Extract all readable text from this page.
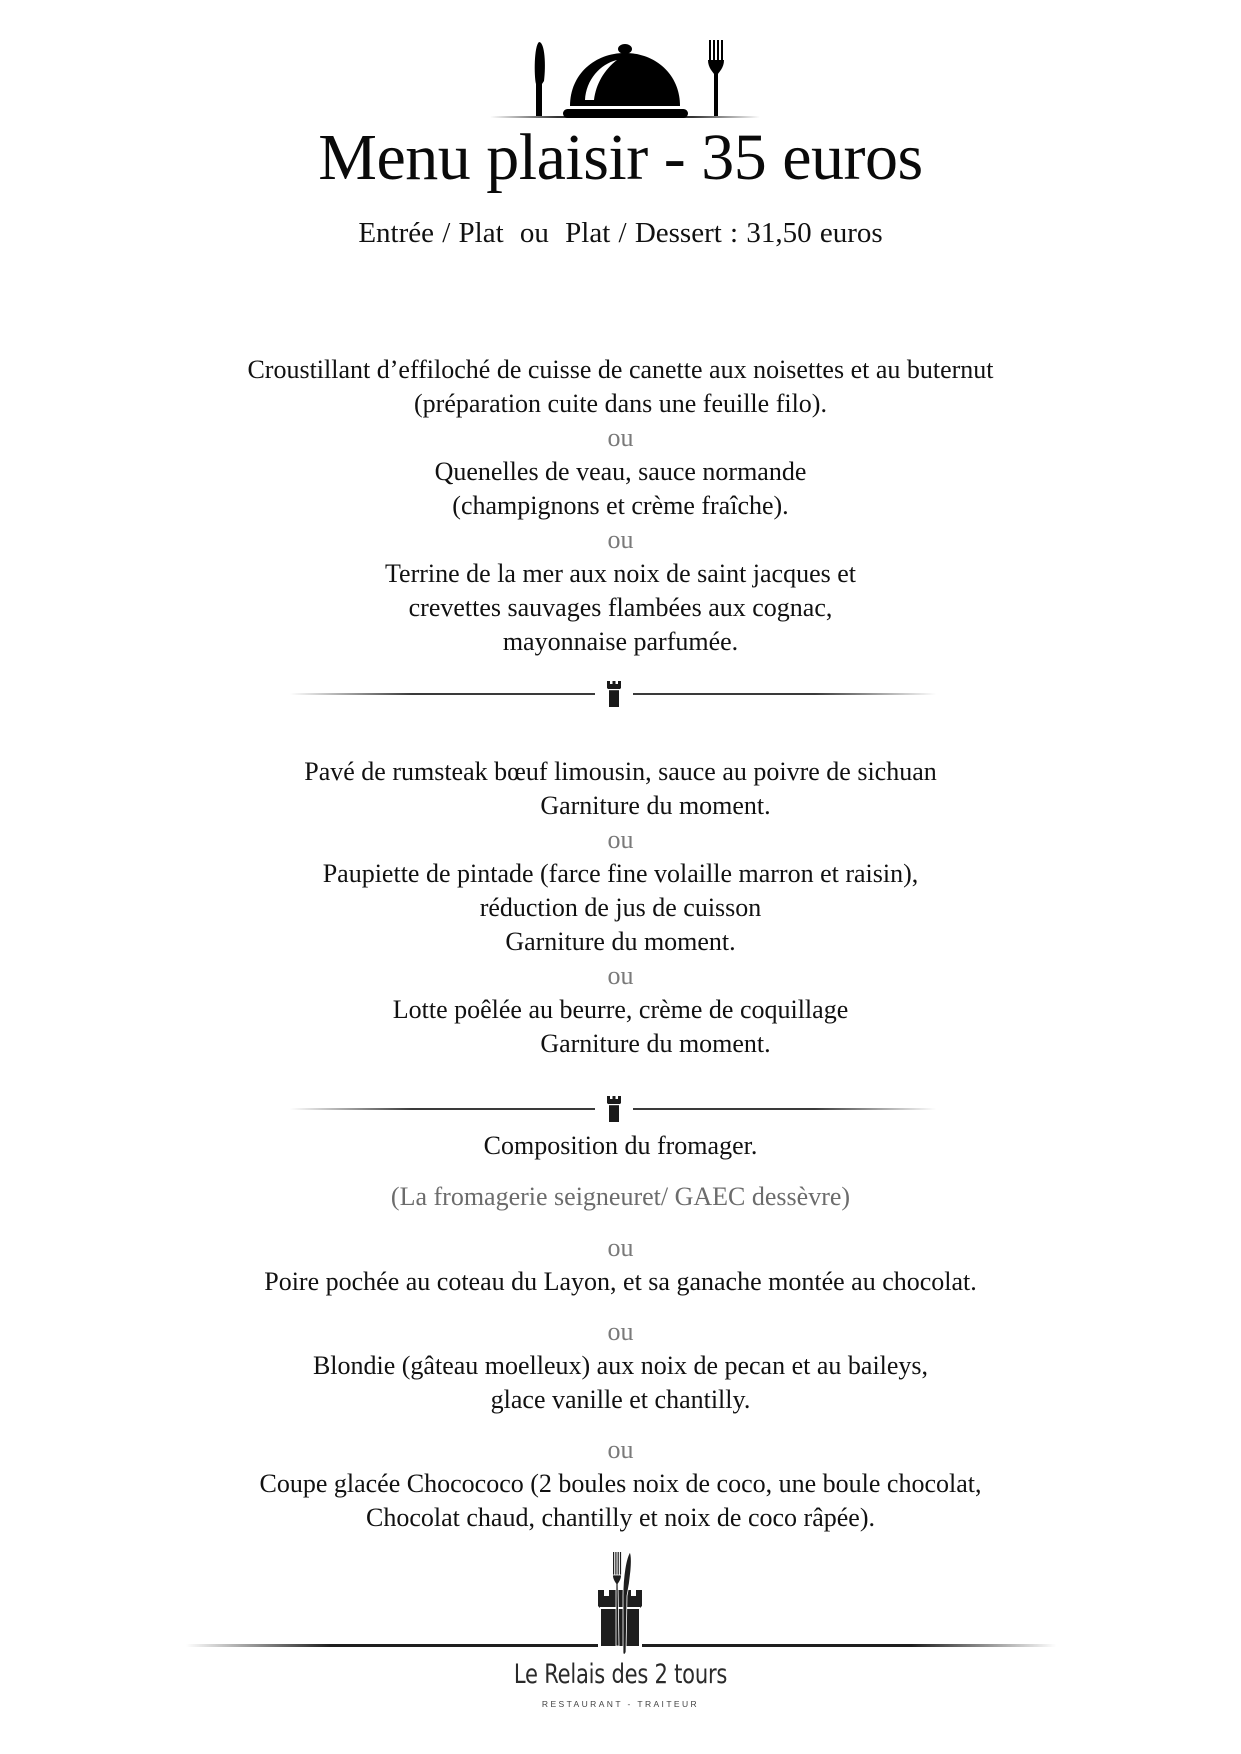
Menu plaisir - 35 euros
Entrée / Plat ou Plat / Dessert : 31,50 euros
Croustillant d’effiloché de cuisse de canette aux noisettes et au buternut
(préparation cuite dans une feuille filo).
ou
Quenelles de veau, sauce normande
(champignons et crème fraîche).
ou
Terrine de la mer aux noix de saint jacques et
crevettes sauvages flambées aux cognac,
mayonnaise parfumée.
Pavé de rumsteak bœuf limousin, sauce au poivre de sichuan
Garniture du moment.
ou
Paupiette de pintade (farce fine volaille marron et raisin),
réduction de jus de cuisson
Garniture du moment.
ou
Lotte poêlée au beurre, crème de coquillage
Garniture du moment.
Composition du fromager.
(La fromagerie seigneuret/ GAEC dessèvre)
ou
Poire pochée au coteau du Layon, et sa ganache montée au chocolat.
ou
Blondie (gâteau moelleux) aux noix de pecan et au baileys,
glace vanille et chantilly.
ou
Coupe glacée Chocococo (2 boules noix de coco, une boule chocolat,
Chocolat chaud, chantilly et noix de coco râpée).
Le Relais des 2 tours
RESTAURANT - TRAITEUR
